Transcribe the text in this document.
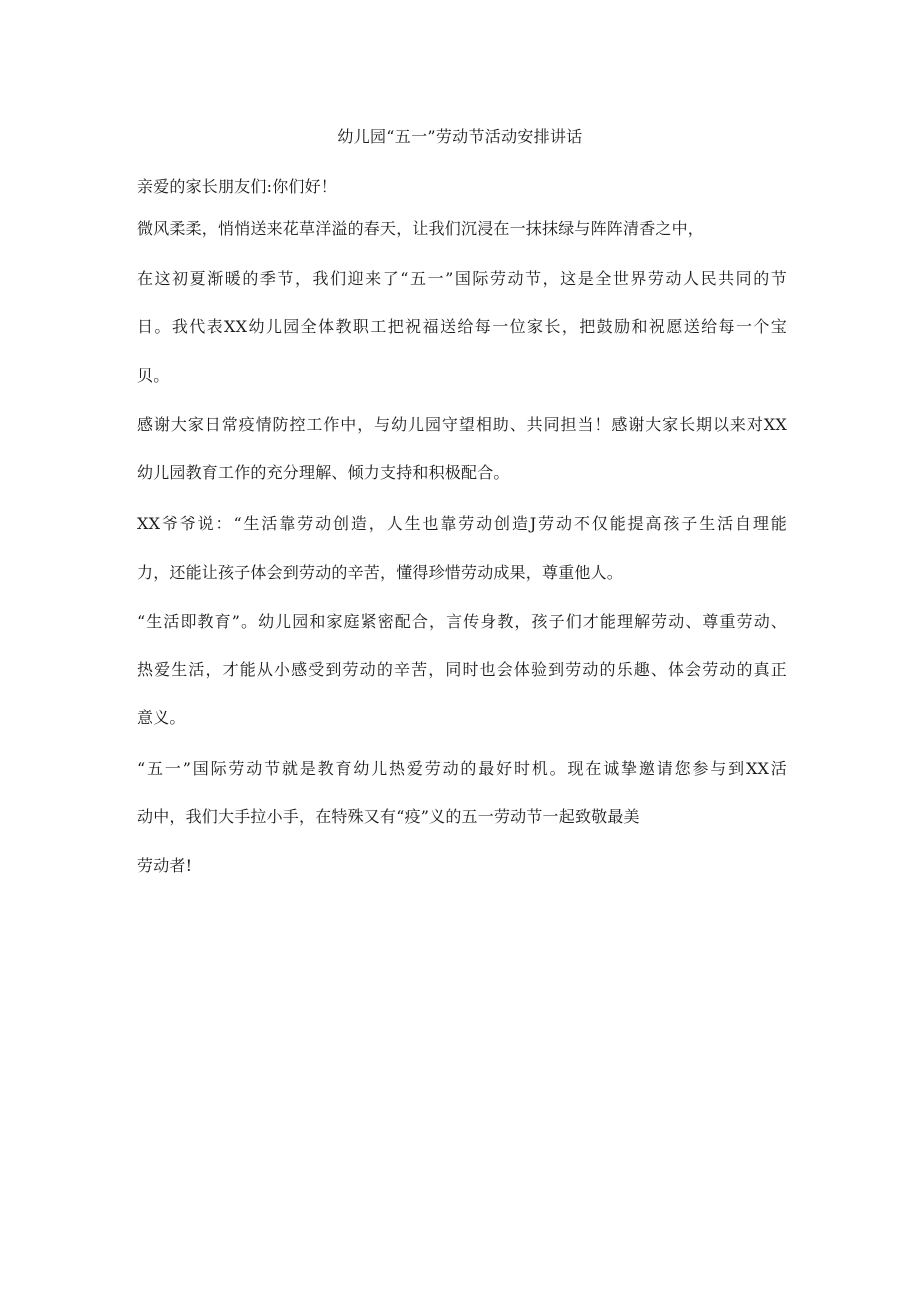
幼儿园“五一”劳动节活动安排讲话
亲爱的家长朋友们:你们好！
微风柔柔，悄悄送来花草洋溢的春天，让我们沉浸在一抹抹绿与阵阵清香之中，
在这初夏渐暖的季节，我们迎来了“五一”国际劳动节，这是全世界劳动人民共同的节
日。我代表XX幼儿园全体教职工把祝福送给每一位家长，把鼓励和祝愿送给每一个宝
贝。
感谢大家日常疫情防控工作中，与幼儿园守望相助、共同担当！感谢大家长期以来对XX
幼儿园教育工作的充分理解、倾力支持和积极配合。
XX爷爷说：“生活靠劳动创造，人生也靠劳动创造J劳动不仅能提高孩子生活自理能
力，还能让孩子体会到劳动的辛苦，懂得珍惜劳动成果，尊重他人。
“生活即教育”。幼儿园和家庭紧密配合，言传身教，孩子们才能理解劳动、尊重劳动、
热爱生活，才能从小感受到劳动的辛苦，同时也会体验到劳动的乐趣、体会劳动的真正
意义。
“五一”国际劳动节就是教育幼儿热爱劳动的最好时机。现在诚挚邀请您参与到XX活
动中，我们大手拉小手，在特殊又有“疫”义的五一劳动节一起致敬最美
劳动者!
